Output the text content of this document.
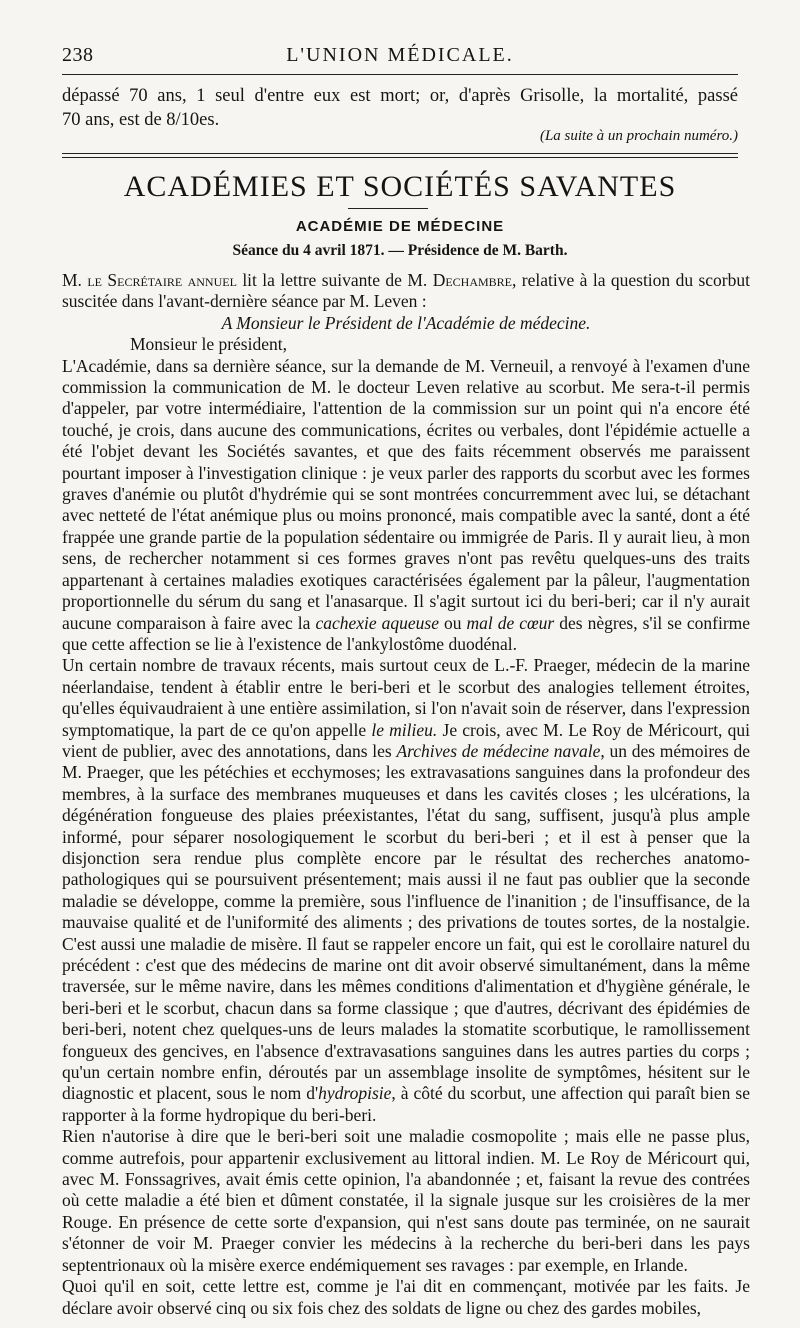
238	L'UNION MÉDICALE.
dépassé 70 ans, 1 seul d'entre eux est mort; or, d'après Grisolle, la mortalité, passé
70 ans, est de 8/10es.
(La suite à un prochain numéro.)
ACADÉMIES ET SOCIÉTÉS SAVANTES
ACADÉMIE DE MÉDECINE
Séance du 4 avril 1871. — Présidence de M. Barth.

M. le Secrétaire annuel lit la lettre suivante de M. Dechambre, relative à la question du scorbut suscitée dans l'avant-dernière séance par M. Leven :

A Monsieur le Président de l'Académie de médecine.

Monsieur le président,

L'Académie, dans sa dernière séance, sur la demande de M. Verneuil, a renvoyé à l'examen d'une commission la communication de M. le docteur Leven relative au scorbut. Me sera-t-il permis d'appeler, par votre intermédiaire, l'attention de la commission sur un point qui n'a encore été touché, je crois, dans aucune des communications, écrites ou verbales, dont l'épidémie actuelle a été l'objet devant les Sociétés savantes, et que des faits récemment observés me paraissent pourtant imposer à l'investigation clinique : je veux parler des rapports du scorbut avec les formes graves d'anémie ou plutôt d'hydrémie qui se sont montrées concurremment avec lui, se détachant avec netteté de l'état anémique plus ou moins prononcé, mais compatible avec la santé, dont a été frappée une grande partie de la population sédentaire ou immigrée de Paris. Il y aurait lieu, à mon sens, de rechercher notamment si ces formes graves n'ont pas revêtu quelques-uns des traits appartenant à certaines maladies exotiques caractérisées également par la pâleur, l'augmentation proportionnelle du sérum du sang et l'anasarque. Il s'agit surtout ici du beri-beri; car il n'y aurait aucune comparaison à faire avec la cachexie aqueuse ou mal de cœur des nègres, s'il se confirme que cette affection se lie à l'existence de l'ankylostôme duodénal.

Un certain nombre de travaux récents, mais surtout ceux de L.-F. Praeger, médecin de la marine néerlandaise, tendent à établir entre le beri-beri et le scorbut des analogies tellement étroites, qu'elles équivaudraient à une entière assimilation, si l'on n'avait soin de réserver, dans l'expression symptomatique, la part de ce qu'on appelle le milieu. Je crois, avec M. Le Roy de Méricourt, qui vient de publier, avec des annotations, dans les Archives de médecine navale, un des mémoires de M. Praeger, que les pétéchies et ecchymoses; les extravasations sanguines dans la profondeur des membres, à la surface des membranes muqueuses et dans les cavités closes ; les ulcérations, la dégénération fongueuse des plaies préexistantes, l'état du sang, suffisent, jusqu'à plus ample informé, pour séparer nosologiquement le scorbut du beri-beri ; et il est à penser que la disjonction sera rendue plus complète encore par le résultat des recherches anatomo-pathologiques qui se poursuivent présentement; mais aussi il ne faut pas oublier que la seconde maladie se développe, comme la première, sous l'influence de l'inanition ; de l'insuffisance, de la mauvaise qualité et de l'uniformité des aliments ; des privations de toutes sortes, de la nostalgie. C'est aussi une maladie de misère. Il faut se rappeler encore un fait, qui est le corollaire naturel du précédent : c'est que des médecins de marine ont dit avoir observé simultanément, dans la même traversée, sur le même navire, dans les mêmes conditions d'alimentation et d'hygiène générale, le beri-beri et le scorbut, chacun dans sa forme classique ; que d'autres, décrivant des épidémies de beri-beri, notent chez quelques-uns de leurs malades la stomatite scorbutique, le ramollissement fongueux des gencives, en l'absence d'extravasations sanguines dans les autres parties du corps ; qu'un certain nombre enfin, déroutés par un assemblage insolite de symptômes, hésitent sur le diagnostic et placent, sous le nom d'hydropisie, à côté du scorbut, une affection qui paraît bien se rapporter à la forme hydropique du beri-beri.

Rien n'autorise à dire que le beri-beri soit une maladie cosmopolite ; mais elle ne passe plus, comme autrefois, pour appartenir exclusivement au littoral indien. M. Le Roy de Méricourt qui, avec M. Fonssagrives, avait émis cette opinion, l'a abandonnée ; et, faisant la revue des contrées où cette maladie a été bien et dûment constatée, il la signale jusque sur les croisières de la mer Rouge. En présence de cette sorte d'expansion, qui n'est sans doute pas terminée, on ne saurait s'étonner de voir M. Praeger convier les médecins à la recherche du beri-beri dans les pays septentrionaux où la misère exerce endémiquement ses ravages : par exemple, en Irlande.

Quoi qu'il en soit, cette lettre est, comme je l'ai dit en commençant, motivée par les faits. Je déclare avoir observé cinq ou six fois chez des soldats de ligne ou chez des gardes mobiles,
